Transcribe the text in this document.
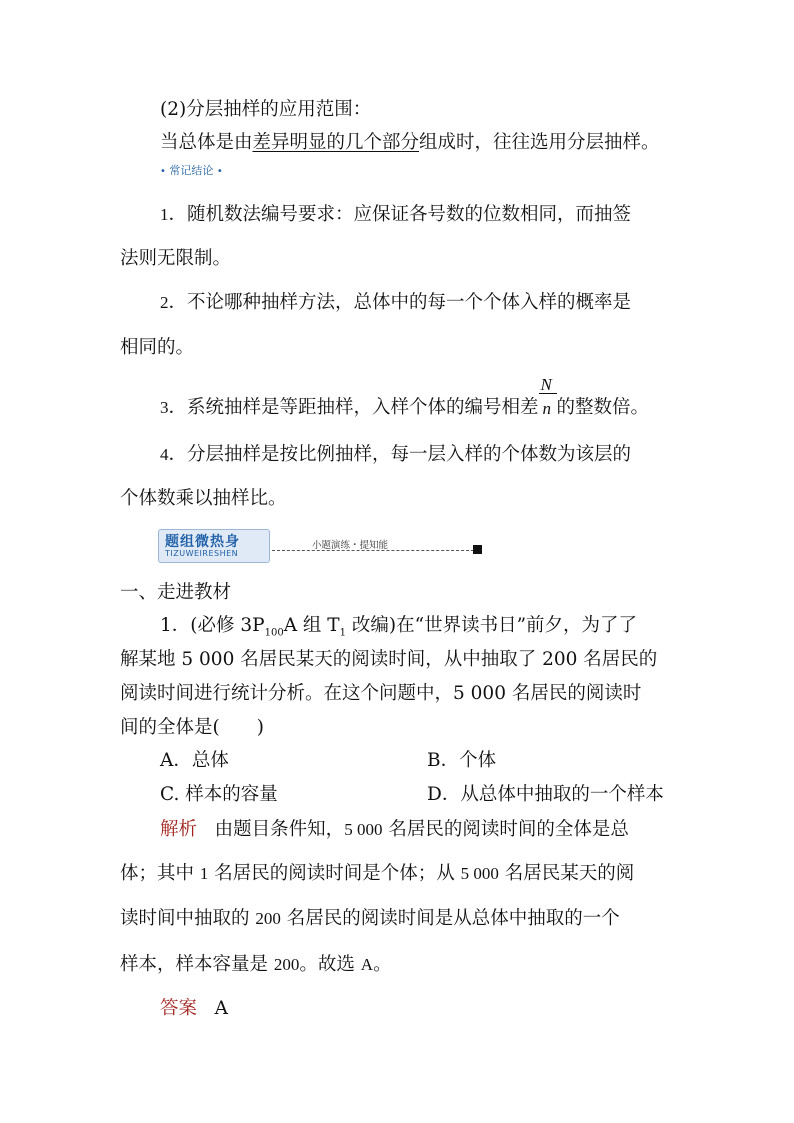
(2)分层抽样的应用范围：
当总体是由差异明显的几个部分组成时，往往选用分层抽样。
• 常记结论 •
1．随机数法编号要求：应保证各号数的位数相同，而抽签
法则无限制。
2．不论哪种抽样方法，总体中的每一个个体入样的概率是
相同的。
3．系统抽样是等距抽样，入样个体的编号相差 $\frac{N}{n}$ 的整数倍。
4．分层抽样是按比例抽样，每一层入样的个体数为该层的
个体数乘以抽样比。
题组微热身
TIZUWEIRESHEN
小题演练・提知能
一、走进教材
1．(必修 $3P_{100}A$ 组 $T_1$ 改编)在“世界读书日”前夕，为了了
解某地 5 000 名居民某天的阅读时间，从中抽取了 200 名居民的
阅读时间进行统计分析。在这个问题中，5 000 名居民的阅读时
间的全体是(　　)
A．总体	B．个体
C. 样本的容量	D．从总体中抽取的一个样本
解析 由题目条件知，5 000 名居民的阅读时间的全体是总
体；其中 1 名居民的阅读时间是个体；从 5 000 名居民某天的阅
读时间中抽取的 200 名居民的阅读时间是从总体中抽取的一个
样本，样本容量是 200。故选 A。
答案 A
